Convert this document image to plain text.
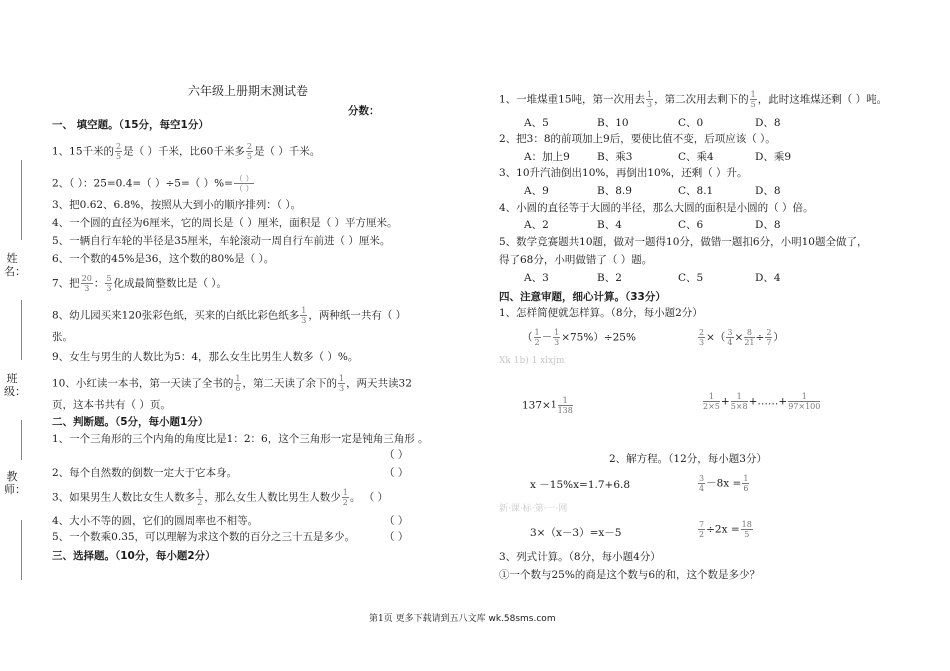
姓名：
班级：
教师：
六年级上册期末测试卷
分数：
一、 填空题。（15分，每空1分）
1、15千米的 $\frac{2}{5}$ 是（ ）千米，比60千米多 $\frac{2}{5}$ 是（ ）千米。
2、（ ）：25=0.4=（ ）÷5=（ ）%= $\frac{( )}{( )}$
3、把0.62、6.8%，按照从大到小的顺序排列：（ ）。
4、一个圆的直径为6厘米，它的周长是（ ）厘米，面积是（ ）平方厘米。
5、一辆自行车轮的半径是35厘米，车轮滚动一周自行车前进（ ）厘米。
6、一个数的45%是36，这个数的80%是（ ）。
7、把 $\frac{20}{3}$ ： $\frac{5}{3}$ 化成最简整数比是（ ）。
8、幼儿园买来120张彩色纸，买来的白纸比彩色纸多 $\frac{1}{3}$ ，两种纸一共有（ ）
张。
9、女生与男生的人数比为5：4，那么女生比男生人数多（ ）%。
10、小红读一本书，第一天读了全书的 $\frac{1}{6}$ ，第二天读了余下的 $\frac{1}{3}$ ，两天共读32
页，这本书共有（ ）页。
二、判断题。（5分，每小题1分）
1、一个三角形的三个内角的角度比是1：2：6，这个三角形一定是钝角三角形 。
（ ）
2、每个自然数的倒数一定大于它本身。	（ ）
3、如果男生人数比女生人数多 $\frac{1}{2}$ ，那么女生人数比男生人数少 $\frac{1}{2}$ 。 （ ）
4、大小不等的圆，它们的圆周率也不相等。	（ ）
5、一个数乘0.35，可以理解为求这个数的百分之三十五是多少。	（ ）
三、选择题。（10分，每小题2分）
1、一堆煤重15吨，第一次用去 $\frac{1}{3}$ ，第二次用去剩下的 $\frac{1}{5}$ ，此时这堆煤还剩（ ）吨。
A、5	B、10	C、0	D、8
2、把3：8的前项加上9后，要使比值不变，后项应该（ ）。
A：加上9	B、乘3	C、乘4	D、乘9
3、10升汽油倒出10%，再倒出10%，还剩（ ）升。
A、9	B、8.9	C、8.1	D、8
4、小圆的直径等于大圆的半径，那么大圆的面积是小圆的（ ）倍。
A、2	B、4	C、6	D、8
5、数学竞赛题共10题，做对一题得10分，做错一题扣6分，小明10题全做了，
得了68分，小明做错了（ ）题。
A、3	B、2	C、5	D、4
四、注意审题，细心计算。（33分）
1、怎样简便就怎样算。（8分，每小题2分）
（ $\frac{1}{2} - \frac{1}{3} \times 75\%)\div 25\%$	$\frac{2}{3}$ ×（ $\frac{3}{4} \times \frac{8}{21} \div \frac{2}{7}$ ）
Xk 1b) 1 xlxjm
$137\times 1 \frac{1}{138}$	$\frac{1}{2\times 5} + \frac{1}{5\times 8}$ +……+ $\frac{1}{97\times 100}$
2、解方程。（12分，每小题3分）
x －15%x=1.7+6.8	$\frac{3}{4} -8x = \frac{1}{6}$
新·课·标·第·一·网
3×（x－3）=x－5	$\frac{7}{2} \div 2x = \frac{18}{5}$
3、列式计算。（8分，每小题4分）
①一个数与25%的商是这个数与6的和，这个数是多少？
第1页 更多下载请到五八文库 wk.58sms.com
